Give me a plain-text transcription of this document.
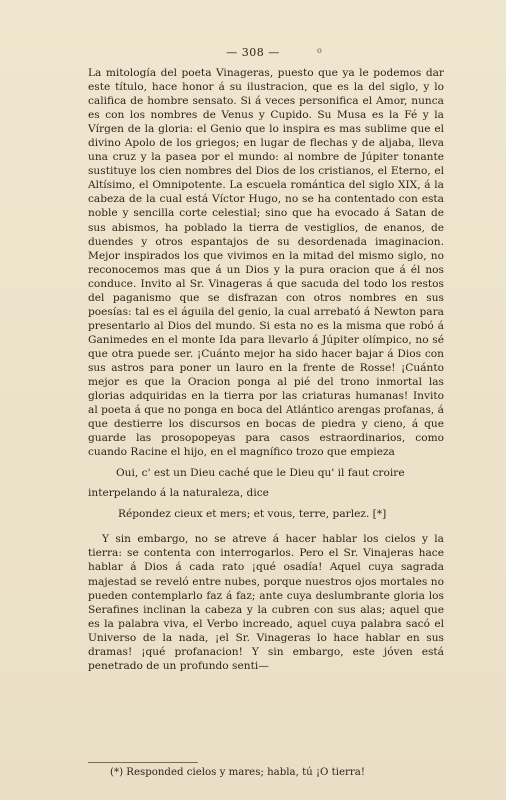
— 308 —	o

La mitología del poeta Vinageras, puesto que ya le podemos dar este título, hace honor á su ilustracion, que es la del siglo, y lo califica de hombre sensato. Si á veces personifica el Amor, nunca es con los nombres de Venus y Cupido. Su Musa es la Fé y la Vírgen de la gloria: el Genio que lo inspira es mas sublime que el divino Apolo de los griegos; en lugar de flechas y de aljaba, lleva una cruz y la pasea por el mundo: al nombre de Júpiter tonante sustituye los cien nombres del Dios de los cristianos, el Eterno, el Altísimo, el Omnipotente. La escuela romántica del siglo XIX, á la cabeza de la cual está Víctor Hugo, no se ha contentado con esta noble y sencilla corte celestial; sino que ha evocado á Satan de sus abismos, ha poblado la tierra de vestiglios, de enanos, de duendes y otros espantajos de su desordenada imaginacion. Mejor inspirados los que vivimos en la mitad del mismo siglo, no reconocemos mas que á un Dios y la pura oracion que á él nos conduce. Invito al Sr. Vinageras á que sacuda del todo los restos del paganismo que se disfrazan con otros nombres en sus poesías: tal es el águila del genio, la cual arrebató á Newton para presentarlo al Dios del mundo. Si esta no es la misma que robó á Ganimedes en el monte Ida para llevarlo á Júpiter olímpico, no sé que otra puede ser. ¡Cuánto mejor ha sido hacer bajar á Dios con sus astros para poner un lauro en la frente de Rosse! ¡Cuánto mejor es que la Oracion ponga al pié del trono inmortal las glorias adquiridas en la tierra por las criaturas humanas! Invito al poeta á que no ponga en boca del Atlántico arengas profanas, á que destierre los discursos en bocas de piedra y cieno, á que guarde las prosopopeyas para casos estraordinarios, como cuando Racine el hijo, en el magnífico trozo que empieza

Oui, c' est un Dieu caché que le Dieu qu' il faut croire

interpelando á la naturaleza, dice

Répondez cieux et mers; et vous, terre, parlez. [*]

Y sin embargo, no se atreve á hacer hablar los cielos y la tierra: se contenta con interrogarlos. Pero el Sr. Vinajeras hace hablar á Dios á cada rato ¡qué osadía! Aquel cuya sagrada majestad se reveló entre nubes, porque nuestros ojos mortales no pueden contemplarlo faz á faz; ante cuya deslumbrante gloria los Serafines inclinan la cabeza y la cubren con sus alas; aquel que es la palabra viva, el Verbo increado, aquel cuya palabra sacó el Universo de la nada, ¡el Sr. Vinageras lo hace hablar en sus dramas! ¡qué profanacion! Y sin embargo, este jóven está penetrado de un profundo senti—

(*) Responded cielos y mares; habla, tú ¡O tierra!
